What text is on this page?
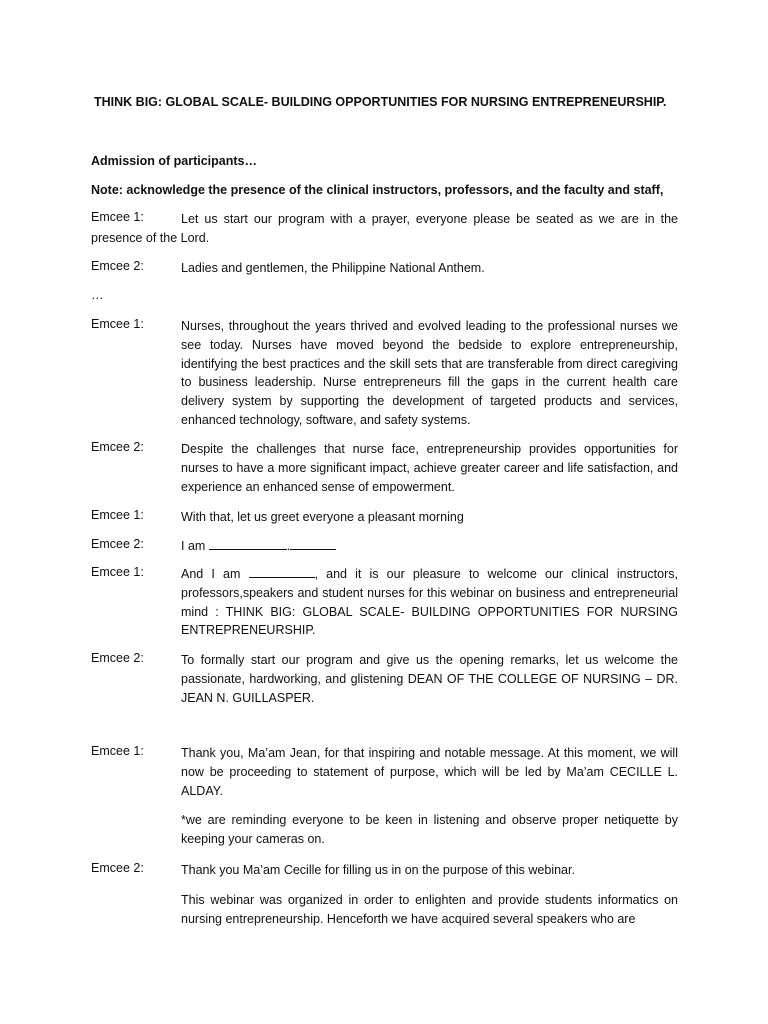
THINK BIG: GLOBAL SCALE- BUILDING OPPORTUNITIES FOR NURSING ENTREPRENEURSHIP.
Admission of participants…
Note: acknowledge the presence of the clinical instructors, professors, and the faculty and staff,
Emcee 1:	Let us start our program with a prayer, everyone please be seated as we are in the presence of the Lord.
Emcee 2:	Ladies and gentlemen, the Philippine National Anthem.
…
Emcee 1:	Nurses, throughout the years thrived and evolved leading to the professional nurses we see today. Nurses have moved beyond the bedside to explore entrepreneurship, identifying the best practices and the skill sets that are transferable from direct caregiving to business leadership. Nurse entrepreneurs fill the gaps in the current health care delivery system by supporting the development of targeted products and services, enhanced technology, software, and safety systems.
Emcee 2:	Despite the challenges that nurse face, entrepreneurship provides opportunities for nurses to have a more significant impact, achieve greater career and life satisfaction, and experience an enhanced sense of empowerment.
Emcee 1:	With that, let us greet everyone a pleasant morning
Emcee 2:	I am	.
Emcee 1:	And I am	, and it is our pleasure to welcome our clinical instructors, professors,speakers and student nurses for this webinar on business and entrepreneurial mind : THINK BIG: GLOBAL SCALE- BUILDING OPPORTUNITIES FOR NURSING ENTREPRENEURSHIP.
Emcee 2:	To formally start our program and give us the opening remarks, let us welcome the passionate, hardworking, and glistening DEAN OF THE COLLEGE OF NURSING – DR. JEAN N. GUILLASPER.
Emcee 1:	Thank you, Ma’am Jean, for that inspiring and notable message. At this moment, we will now be proceeding to statement of purpose, which will be led by Ma’am CECILLE L. ALDAY.
*we are reminding everyone to be keen in listening and observe proper netiquette by keeping your cameras on.
Emcee 2:	Thank you Ma’am Cecille for filling us in on the purpose of this webinar.
This webinar was organized in order to enlighten and provide students informatics on nursing entrepreneurship. Henceforth we have acquired several speakers who are
